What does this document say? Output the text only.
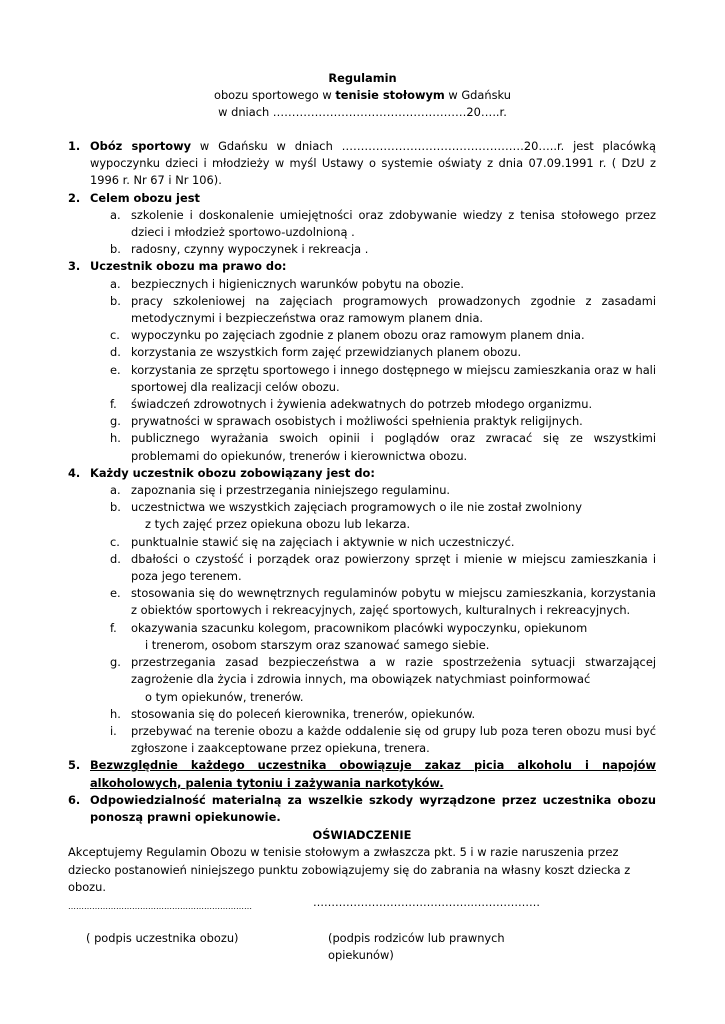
Regulamin
obozu sportowego w tenisie stołowym w Gdańsku
w dniach ……………………………………………20…..r.
1. Obóz sportowy w Gdańsku w dniach …………………………………………20…..r. jest placówką wypoczynku dzieci i młodzieży w myśl Ustawy o systemie oświaty z dnia 07.09.1991 r. ( DzU z 1996 r. Nr 67 i Nr 106).
2. Celem obozu jest
a. szkolenie i doskonalenie umiejętności oraz zdobywanie wiedzy z tenisa stołowego przez dzieci i młodzież sportowo-uzdolnioną .
b. radosny, czynny wypoczynek i rekreacja .
3. Uczestnik obozu ma prawo do:
a. bezpiecznych i higienicznych warunków pobytu na obozie.
b. pracy szkoleniowej na zajęciach programowych prowadzonych zgodnie z zasadami metodycznymi i bezpieczeństwa oraz ramowym planem dnia.
c. wypoczynku po zajęciach zgodnie z planem obozu oraz ramowym planem dnia.
d. korzystania ze wszystkich form zajęć przewidzianych planem obozu.
e. korzystania ze sprzętu sportowego i innego dostępnego w miejscu zamieszkania oraz w hali sportowej dla realizacji celów obozu.
f.	świadczeń zdrowotnych i żywienia adekwatnych do potrzeb młodego organizmu.
g. prywatności w sprawach osobistych i możliwości spełnienia praktyk religijnych.
h. publicznego wyrażania swoich opinii i poglądów oraz zwracać się ze wszystkimi problemami do opiekunów, trenerów i kierownictwa obozu.
4. Każdy uczestnik obozu zobowiązany jest do:
a. zapoznania się i przestrzegania niniejszego regulaminu.
b. uczestnictwa we wszystkich zajęciach programowych o ile nie został zwolniony
z tych zajęć przez opiekuna obozu lub lekarza.
c. punktualnie stawić się na zajęciach i aktywnie w nich uczestniczyć.
d. dbałości o czystość i porządek oraz powierzony sprzęt i mienie w miejscu zamieszkania i poza jego terenem.
e. stosowania się do wewnętrznych regulaminów pobytu w miejscu zamieszkania, korzystania z obiektów sportowych i rekreacyjnych, zajęć sportowych, kulturalnych i rekreacyjnych.
f.	okazywania szacunku kolegom, pracownikom placówki wypoczynku, opiekunom
i trenerom, osobom starszym oraz szanować samego siebie.
g. przestrzegania zasad bezpieczeństwa a w razie spostrzeżenia sytuacji stwarzającej zagrożenie dla życia i zdrowia innych, ma obowiązek natychmiast poinformować
o tym opiekunów, trenerów.
h. stosowania się do poleceń kierownika, trenerów, opiekunów.
i.	przebywać na terenie obozu a każde oddalenie się od grupy lub poza teren obozu musi być zgłoszone i zaakceptowane przez opiekuna, trenera.
5. Bezwzględnie każdego uczestnika obowiązuje zakaz picia alkoholu i napojów alkoholowych, palenia tytoniu i zażywania narkotyków.
6. Odpowiedzialność materialną za wszelkie szkody wyrządzone przez uczestnika obozu ponoszą prawni opiekunowie.
OŚWIADCZENIE
Akceptujemy Regulamin Obozu w tenisie stołowym a zwłaszcza pkt. 5 i w razie naruszenia przez dziecko postanowień niniejszego punktu zobowiązujemy się do zabrania na własny koszt dziecka z obozu.
……………………………………………………………	……………………………………..………………
( podpis uczestnika obozu)	(podpis rodziców lub prawnych opiekunów)
